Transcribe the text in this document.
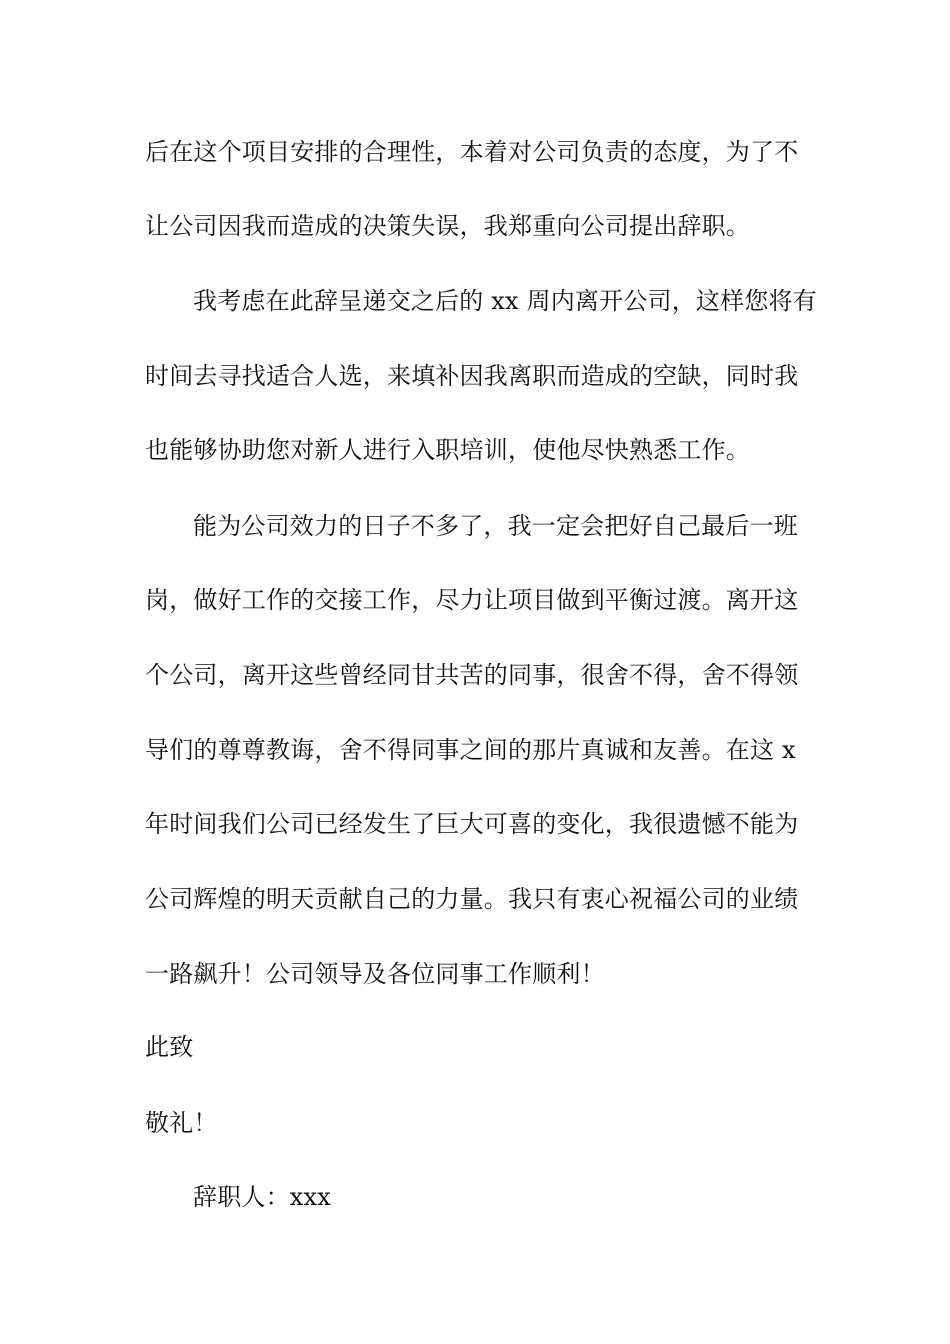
后在这个项目安排的合理性，本着对公司负责的态度，为了不
让公司因我而造成的决策失误，我郑重向公司提出辞职。
我考虑在此辞呈递交之后的 xx 周内离开公司，这样您将有
时间去寻找适合人选，来填补因我离职而造成的空缺，同时我
也能够协助您对新人进行入职培训，使他尽快熟悉工作。
能为公司效力的日子不多了，我一定会把好自己最后一班
岗，做好工作的交接工作，尽力让项目做到平衡过渡。离开这
个公司，离开这些曾经同甘共苦的同事，很舍不得，舍不得领
导们的尊尊教诲，舍不得同事之间的那片真诚和友善。在这 x
年时间我们公司已经发生了巨大可喜的变化，我很遗憾不能为
公司辉煌的明天贡献自己的力量。我只有衷心祝福公司的业绩
一路飙升！公司领导及各位同事工作顺利！
此致
敬礼！
辞职人：xxx
